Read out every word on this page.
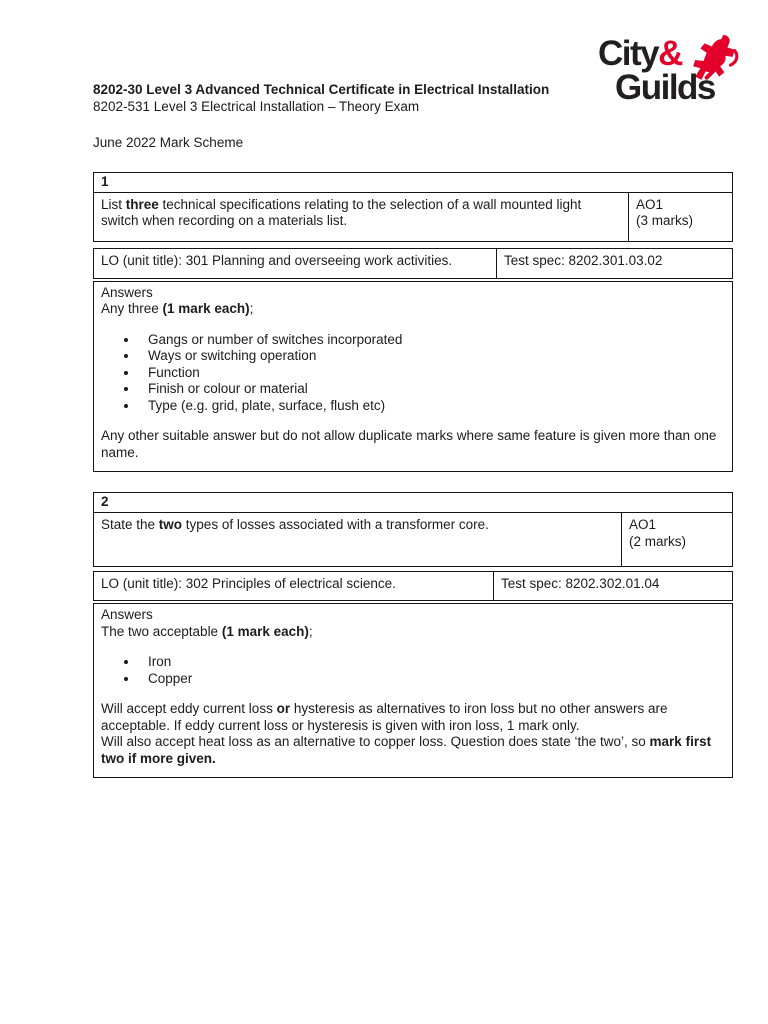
City&
Guilds
8202-30 Level 3 Advanced Technical Certificate in Electrical Installation
8202-531 Level 3 Electrical Installation – Theory Exam
June 2022 Mark Scheme
1
List three technical specifications relating to the selection of a wall mounted light switch when recording on a materials list.
AO1
(3 marks)
LO (unit title): 301 Planning and overseeing work activities.	Test spec: 8202.301.03.02
Answers
Any three (1 mark each);
• Gangs or number of switches incorporated
• Ways or switching operation
• Function
• Finish or colour or material
• Type (e.g. grid, plate, surface, flush etc)

Any other suitable answer but do not allow duplicate marks where same feature is given more than one name.

2
State the two types of losses associated with a transformer core.	AO1
(2 marks)
LO (unit title): 302 Principles of electrical science.	Test spec: 8202.302.01.04
Answers
The two acceptable (1 mark each);
• Iron
• Copper

Will accept eddy current loss or hysteresis as alternatives to iron loss but no other answers are acceptable. If eddy current loss or hysteresis is given with iron loss, 1 mark only.

Will also accept heat loss as an alternative to copper loss. Question does state ‘the two’, so mark first two if more given.
